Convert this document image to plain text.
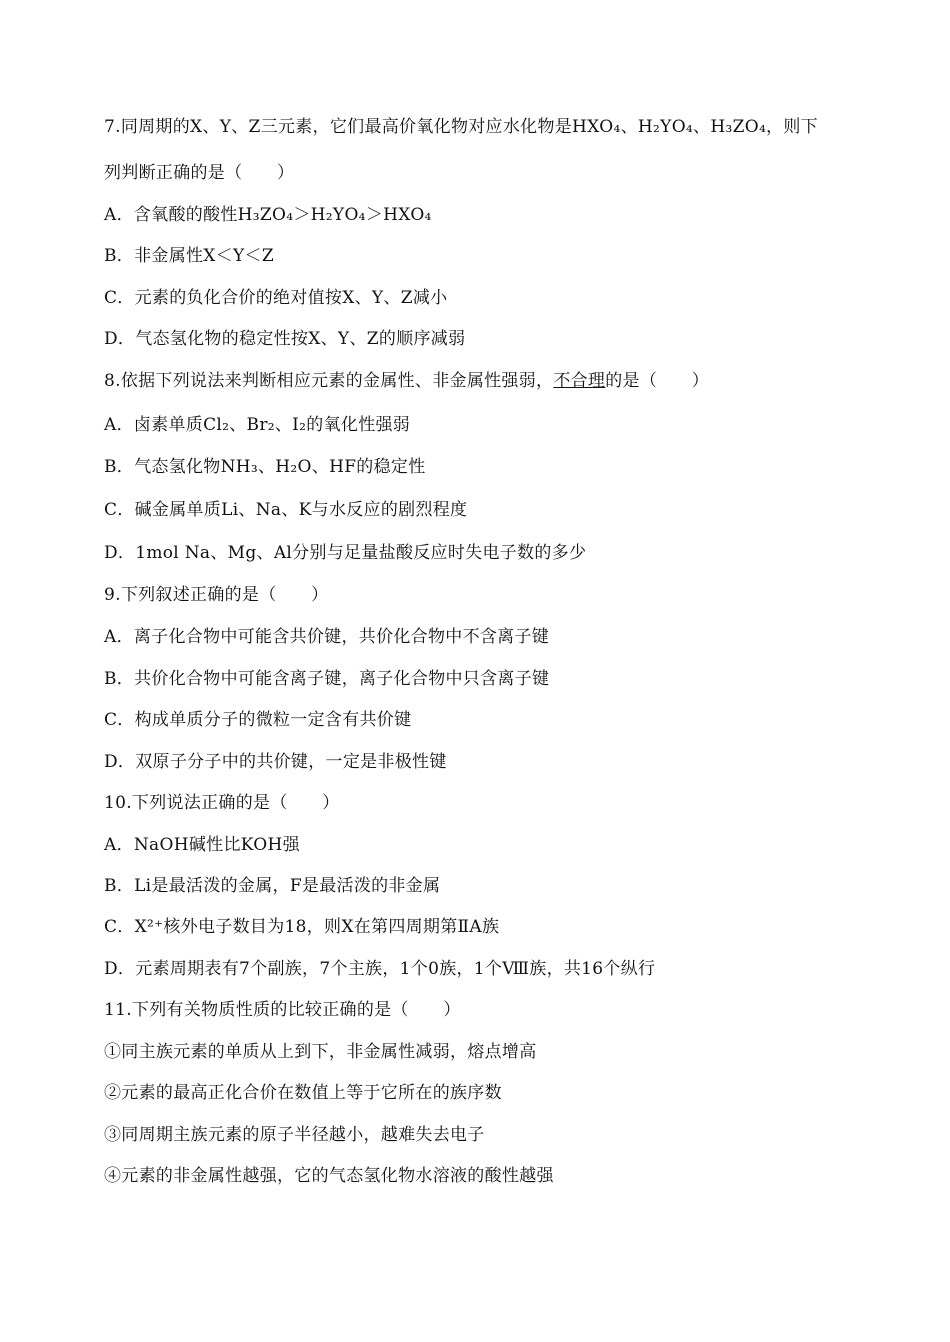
7.同周期的X、Y、Z三元素，它们最高价氧化物对应水化物是HXO₄、H₂YO₄、H₃ZO₄，则下
列判断正确的是（　　）
A．含氧酸的酸性H₃ZO₄＞H₂YO₄＞HXO₄
B．非金属性X＜Y＜Z
C．元素的负化合价的绝对值按X、Y、Z减小
D．气态氢化物的稳定性按X、Y、Z的顺序减弱
8.依据下列说法来判断相应元素的金属性、非金属性强弱，不合理的是（　　）
A．卤素单质Cl₂、Br₂、I₂的氧化性强弱
B．气态氢化物NH₃、H₂O、HF的稳定性
C．碱金属单质Li、Na、K与水反应的剧烈程度
D．1mol Na、Mg、Al分别与足量盐酸反应时失电子数的多少
9.下列叙述正确的是（　　）
A．离子化合物中可能含共价键，共价化合物中不含离子键
B．共价化合物中可能含离子键，离子化合物中只含离子键
C．构成单质分子的微粒一定含有共价键
D．双原子分子中的共价键，一定是非极性键
10.下列说法正确的是（　　）
A．NaOH碱性比KOH强
B．Li是最活泼的金属，F是最活泼的非金属
C．X²⁺核外电子数目为18，则X在第四周期第ⅡA族
D．元素周期表有7个副族，7个主族，1个0族，1个Ⅷ族，共16个纵行
11.下列有关物质性质的比较正确的是（　　）
①同主族元素的单质从上到下，非金属性减弱，熔点增高
②元素的最高正化合价在数值上等于它所在的族序数
③同周期主族元素的原子半径越小，越难失去电子
④元素的非金属性越强，它的气态氢化物水溶液的酸性越强
